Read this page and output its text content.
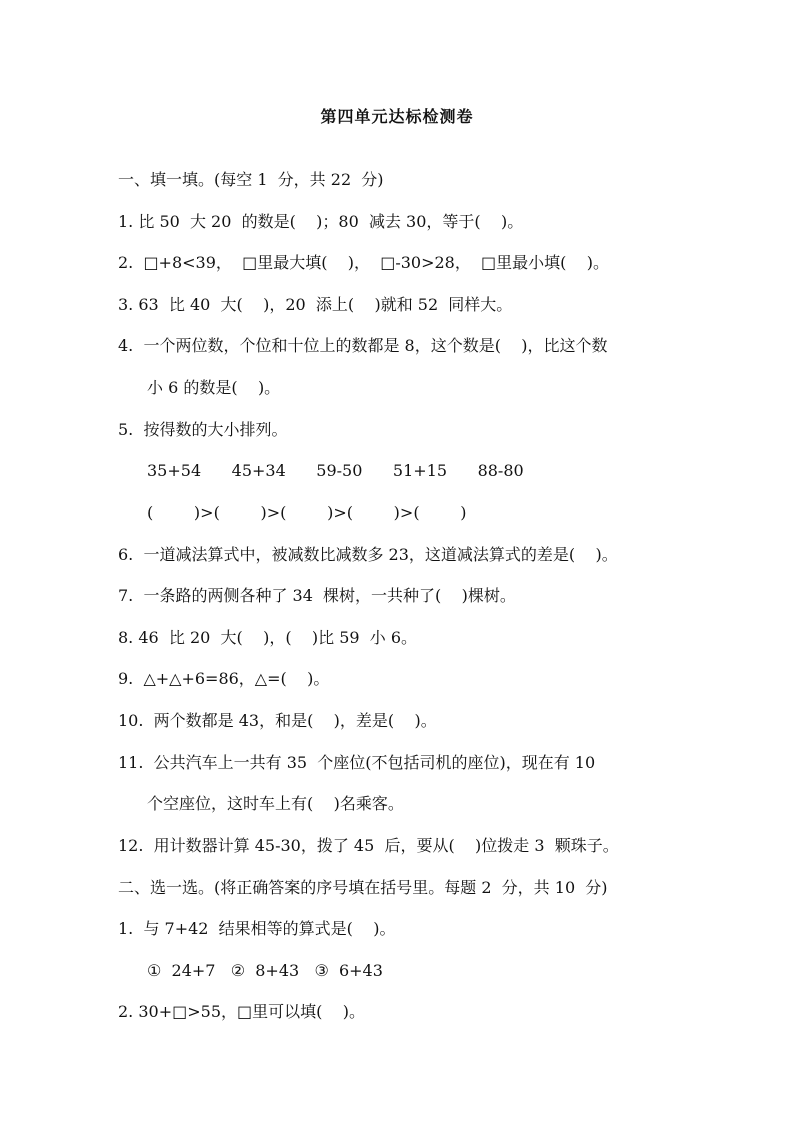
第四单元达标检测卷
一、填一填。(每空 1  分，共 22  分)
1. 比 50  大 20  的数是(    )；80  减去 30，等于(    )。
2.  □+8<39，  □里最大填(    )，  □-30>28，  □里最小填(    )。
3. 63  比 40  大(    )，20  添上(    )就和 52  同样大。
4.  一个两位数，个位和十位上的数都是 8，这个数是(    )，比这个数
小 6 的数是(    )。
5.  按得数的大小排列。
35+54      45+34      59-50      51+15      88-80
(        )>(        )>(        )>(        )>(        )
6.  一道减法算式中，被减数比减数多 23，这道减法算式的差是(    )。
7.  一条路的两侧各种了 34  棵树，一共种了(    )棵树。
8. 46  比 20  大(    )，(    )比 59  小 6。
9.  △+△+6=86，△=(    )。
10.  两个数都是 43，和是(    )，差是(    )。
11.  公共汽车上一共有 35  个座位(不包括司机的座位)，现在有 10
个空座位，这时车上有(    )名乘客。
12.  用计数器计算 45-30，拨了 45  后，要从(    )位拨走 3  颗珠子。
二、选一选。(将正确答案的序号填在括号里。每题 2  分，共 10  分)
1.  与 7+42  结果相等的算式是(    )。
①  24+7   ②  8+43   ③  6+43
2. 30+□>55，□里可以填(    )。
